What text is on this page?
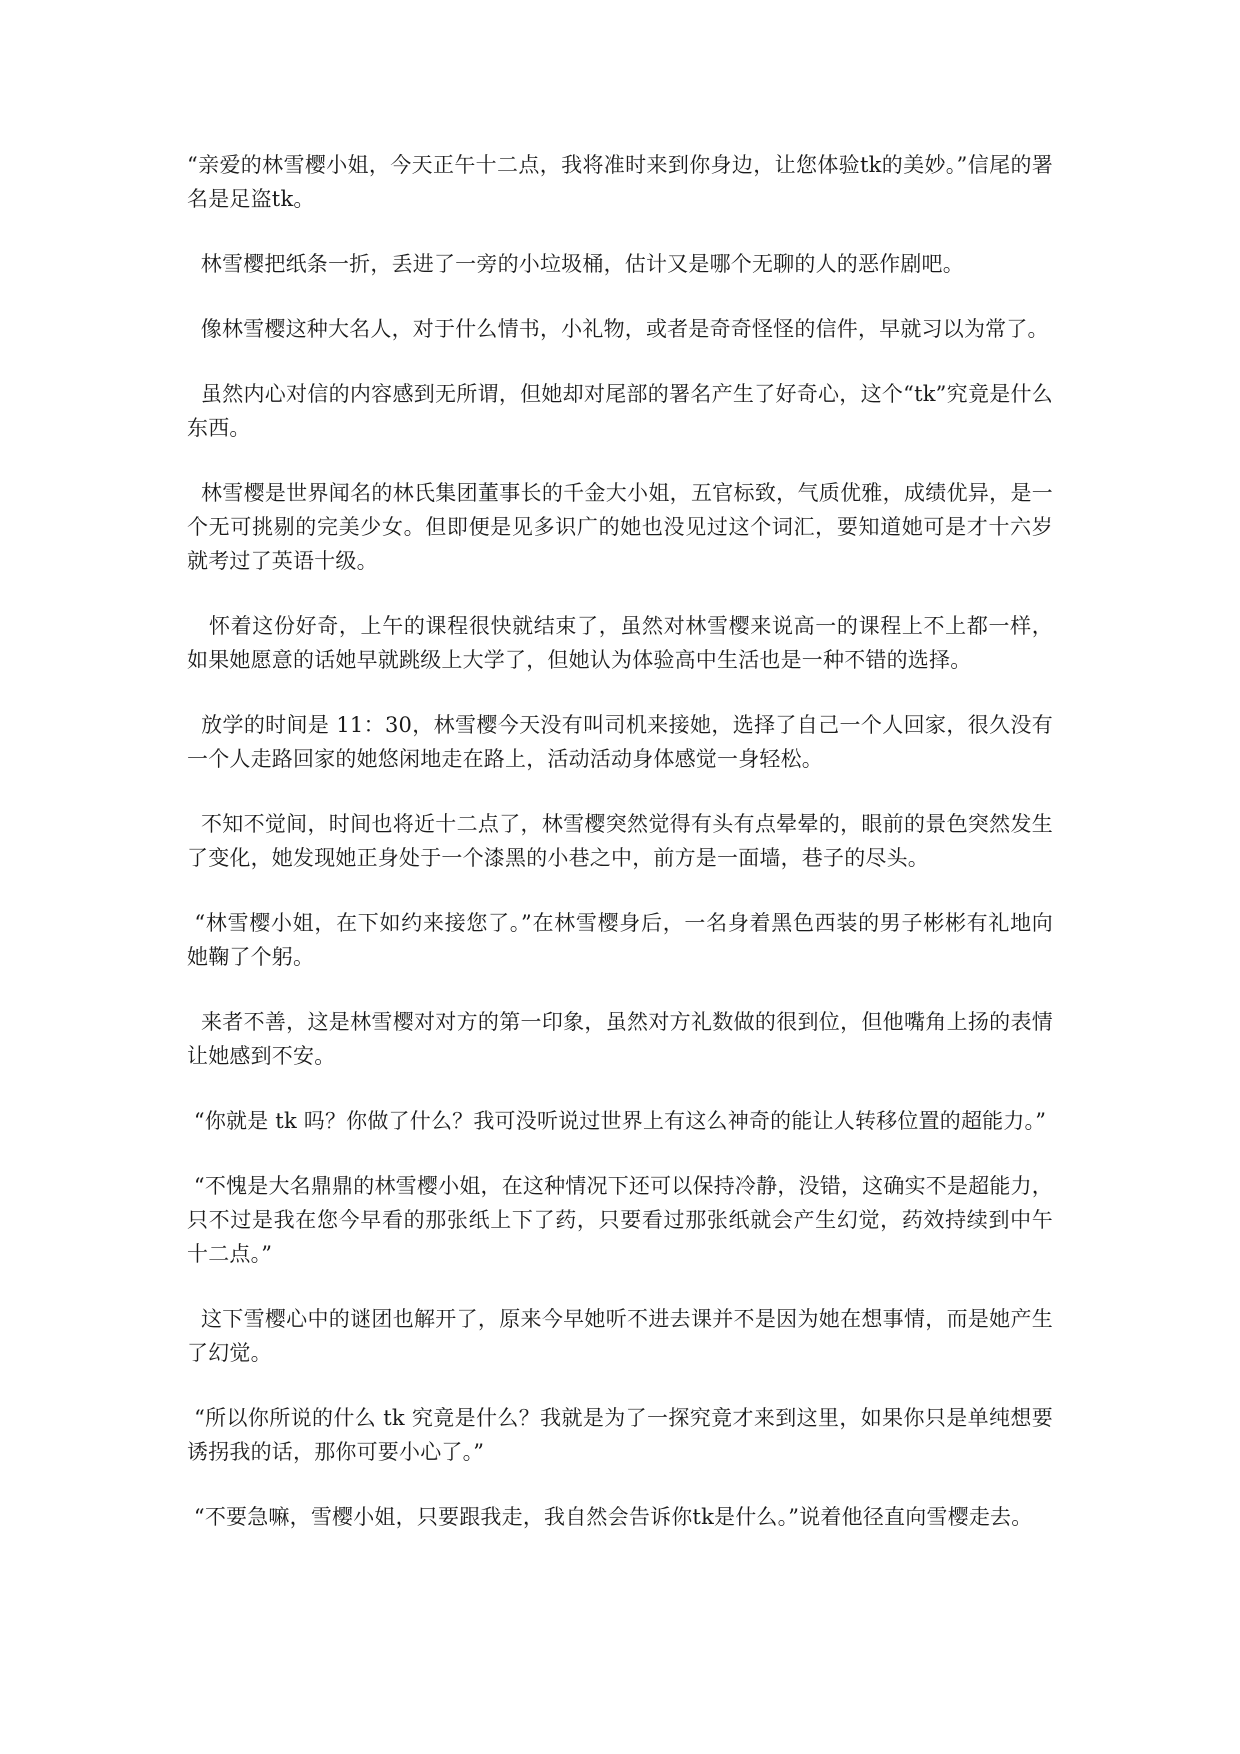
“亲爱的林雪樱小姐，今天正午十二点，我将准时来到你身边，让您体验tk的美妙。”信尾的署名是足盗tk。

林雪樱把纸条一折，丢进了一旁的小垃圾桶，估计又是哪个无聊的人的恶作剧吧。

像林雪樱这种大名人，对于什么情书，小礼物，或者是奇奇怪怪的信件，早就习以为常了。

虽然内心对信的内容感到无所谓，但她却对尾部的署名产生了好奇心，这个“tk”究竟是什么东西。

林雪樱是世界闻名的林氏集团董事长的千金大小姐，五官标致，气质优雅，成绩优异，是一个无可挑剔的完美少女。但即便是见多识广的她也没见过这个词汇，要知道她可是才十六岁就考过了英语十级。

怀着这份好奇，上午的课程很快就结束了，虽然对林雪樱来说高一的课程上不上都一样，如果她愿意的话她早就跳级上大学了，但她认为体验高中生活也是一种不错的选择。

放学的时间是 11：30，林雪樱今天没有叫司机来接她，选择了自己一个人回家，很久没有一个人走路回家的她悠闲地走在路上，活动活动身体感觉一身轻松。

不知不觉间，时间也将近十二点了，林雪樱突然觉得有头有点晕晕的，眼前的景色突然发生了变化，她发现她正身处于一个漆黑的小巷之中，前方是一面墙，巷子的尽头。

“林雪樱小姐，在下如约来接您了。”在林雪樱身后，一名身着黑色西装的男子彬彬有礼地向她鞠了个躬。

来者不善，这是林雪樱对对方的第一印象，虽然对方礼数做的很到位，但他嘴角上扬的表情让她感到不安。

“你就是 tk 吗？你做了什么？我可没听说过世界上有这么神奇的能让人转移位置的超能力。”

“不愧是大名鼎鼎的林雪樱小姐，在这种情况下还可以保持冷静，没错，这确实不是超能力，只不过是我在您今早看的那张纸上下了药，只要看过那张纸就会产生幻觉，药效持续到中午十二点。”

这下雪樱心中的谜团也解开了，原来今早她听不进去课并不是因为她在想事情，而是她产生了幻觉。

“所以你所说的什么 tk 究竟是什么？我就是为了一探究竟才来到这里，如果你只是单纯想要诱拐我的话，那你可要小心了。”

“不要急嘛，雪樱小姐，只要跟我走，我自然会告诉你tk是什么。”说着他径直向雪樱走去。
